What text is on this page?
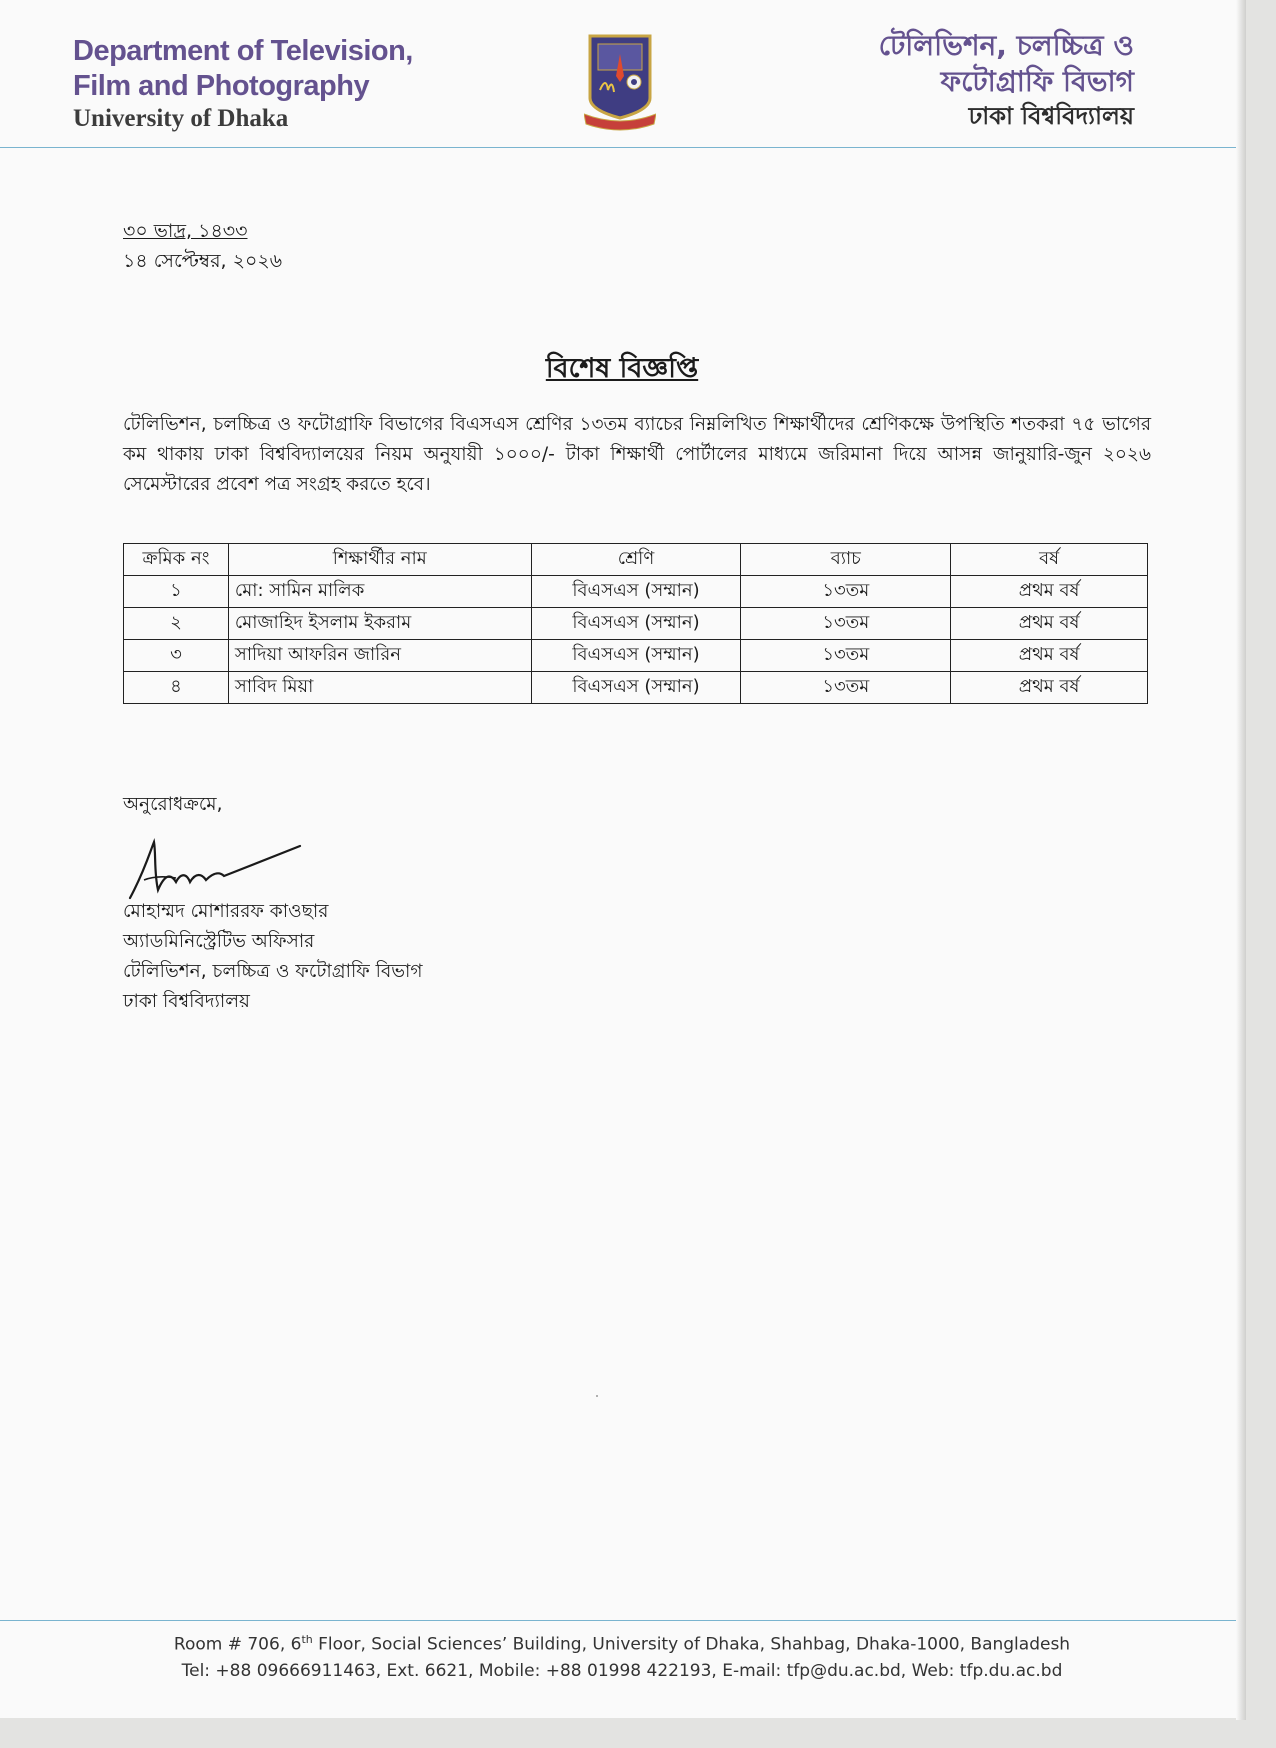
Department of Television,
Film and Photography
University of Dhaka
টেলিভিশন, চলচ্চিত্র ও
ফটোগ্রাফি বিভাগ
ঢাকা বিশ্ববিদ্যালয়
৩০ ভাদ্র, ১৪৩৩
১৪ সেপ্টেম্বর, ২০২৬
বিশেষ বিজ্ঞপ্তি
টেলিভিশন, চলচ্চিত্র ও ফটোগ্রাফি বিভাগের বিএসএস শ্রেণির ১৩তম ব্যাচের নিম্নলিখিত শিক্ষার্থীদের শ্রেণিকক্ষে উপস্থিতি শতকরা ৭৫ ভাগের কম থাকায় ঢাকা বিশ্ববিদ্যালয়ের নিয়ম অনুযায়ী ১০০০/- টাকা শিক্ষার্থী পোর্টালের মাধ্যমে জরিমানা দিয়ে আসন্ন জানুয়ারি-জুন ২০২৬ সেমেস্টারের প্রবেশ পত্র সংগ্রহ করতে হবে।
ক্রমিক নং	শিক্ষার্থীর নাম	শ্রেণি	ব্যাচ	বর্ষ
১	মো: সামিন মালিক	বিএসএস (সম্মান)	১৩তম	প্রথম বর্ষ
২	মোজাহিদ ইসলাম ইকরাম	বিএসএস (সম্মান)	১৩তম	প্রথম বর্ষ
৩	সাদিয়া আফরিন জারিন	বিএসএস (সম্মান)	১৩তম	প্রথম বর্ষ
৪	সাবিদ মিয়া	বিএসএস (সম্মান)	১৩তম	প্রথম বর্ষ
অনুরোধক্রমে,
মোহাম্মদ মোশাররফ কাওছার
অ্যাডমিনিস্ট্রেটিভ অফিসার
টেলিভিশন, চলচ্চিত্র ও ফটোগ্রাফি বিভাগ
ঢাকা বিশ্ববিদ্যালয়
Room # 706, 6th Floor, Social Sciences’ Building, University of Dhaka, Shahbag, Dhaka-1000, Bangladesh
Tel: +88 09666911463, Ext. 6621, Mobile: +88 01998 422193, E-mail: tfp@du.ac.bd, Web: tfp.du.ac.bd
